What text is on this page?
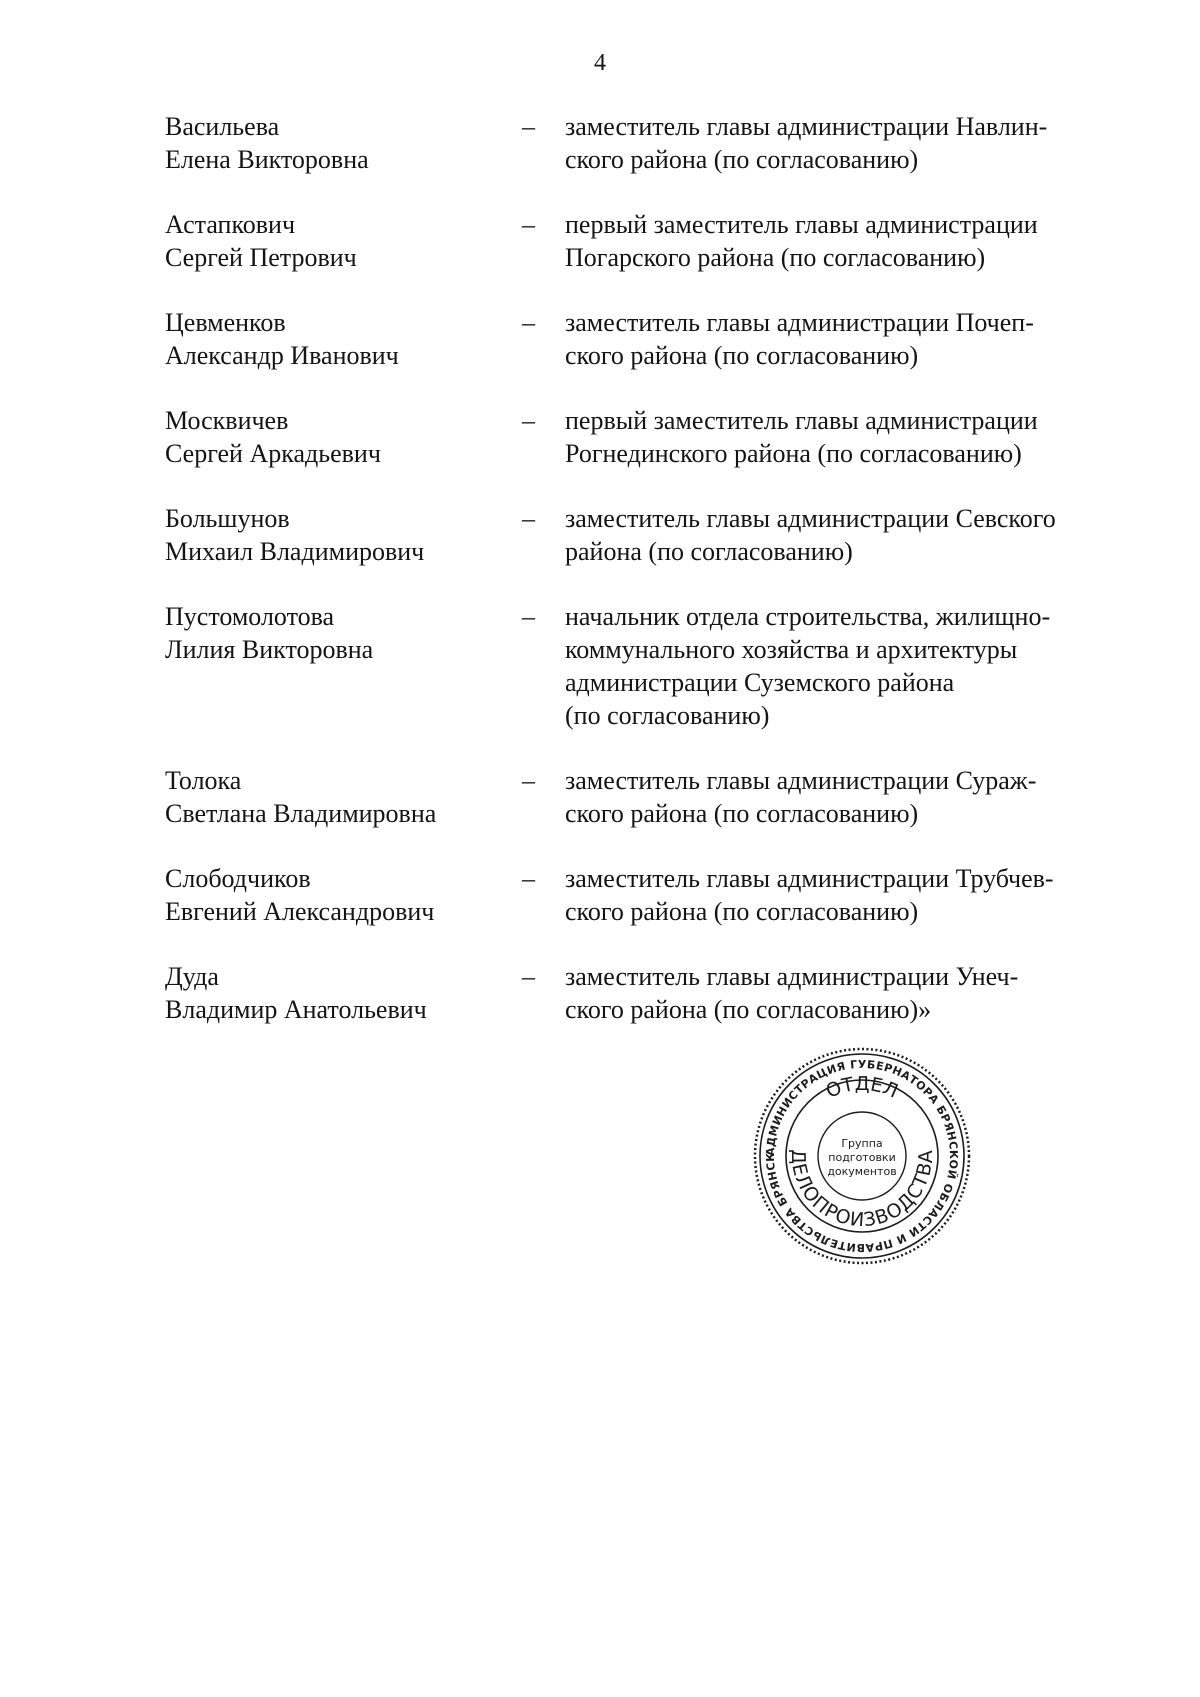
4
Васильева
Елена Викторовна
– заместитель главы администрации Навлин-
ского района (по согласованию)
Астапкович
Сергей Петрович
– первый заместитель главы администрации
Погарского района (по согласованию)
Цевменков
Александр Иванович
– заместитель главы администрации Почеп-
ского района (по согласованию)
Москвичев
Сергей Аркадьевич
– первый заместитель главы администрации
Рогнединского района (по согласованию)
Большунов
Михаил Владимирович
– заместитель главы администрации Севского
района (по согласованию)
Пустомолотова
Лилия Викторовна
– начальник отдела строительства, жилищно-
коммунального хозяйства и архитектуры
администрации Суземского района
(по согласованию)
Толока
Светлана Владимировна
– заместитель главы администрации Сураж-
ского района (по согласованию)
Слободчиков
Евгений Александрович
– заместитель главы администрации Трубчев-
ского района (по согласованию)
Дуда
Владимир Анатольевич
– заместитель главы администрации Унеч-
ского района (по согласованию)»
АДМИНИСТРАЦИЯ ГУБЕРНАТОРА БРЯНСКОЙ ОБЛАСТИ И ПРАВИТЕЛЬСТВА БРЯНСК
ОТДЕЛ
ДЕЛОПРОИЗВОДСТВА
Группа
подготовки
документов
